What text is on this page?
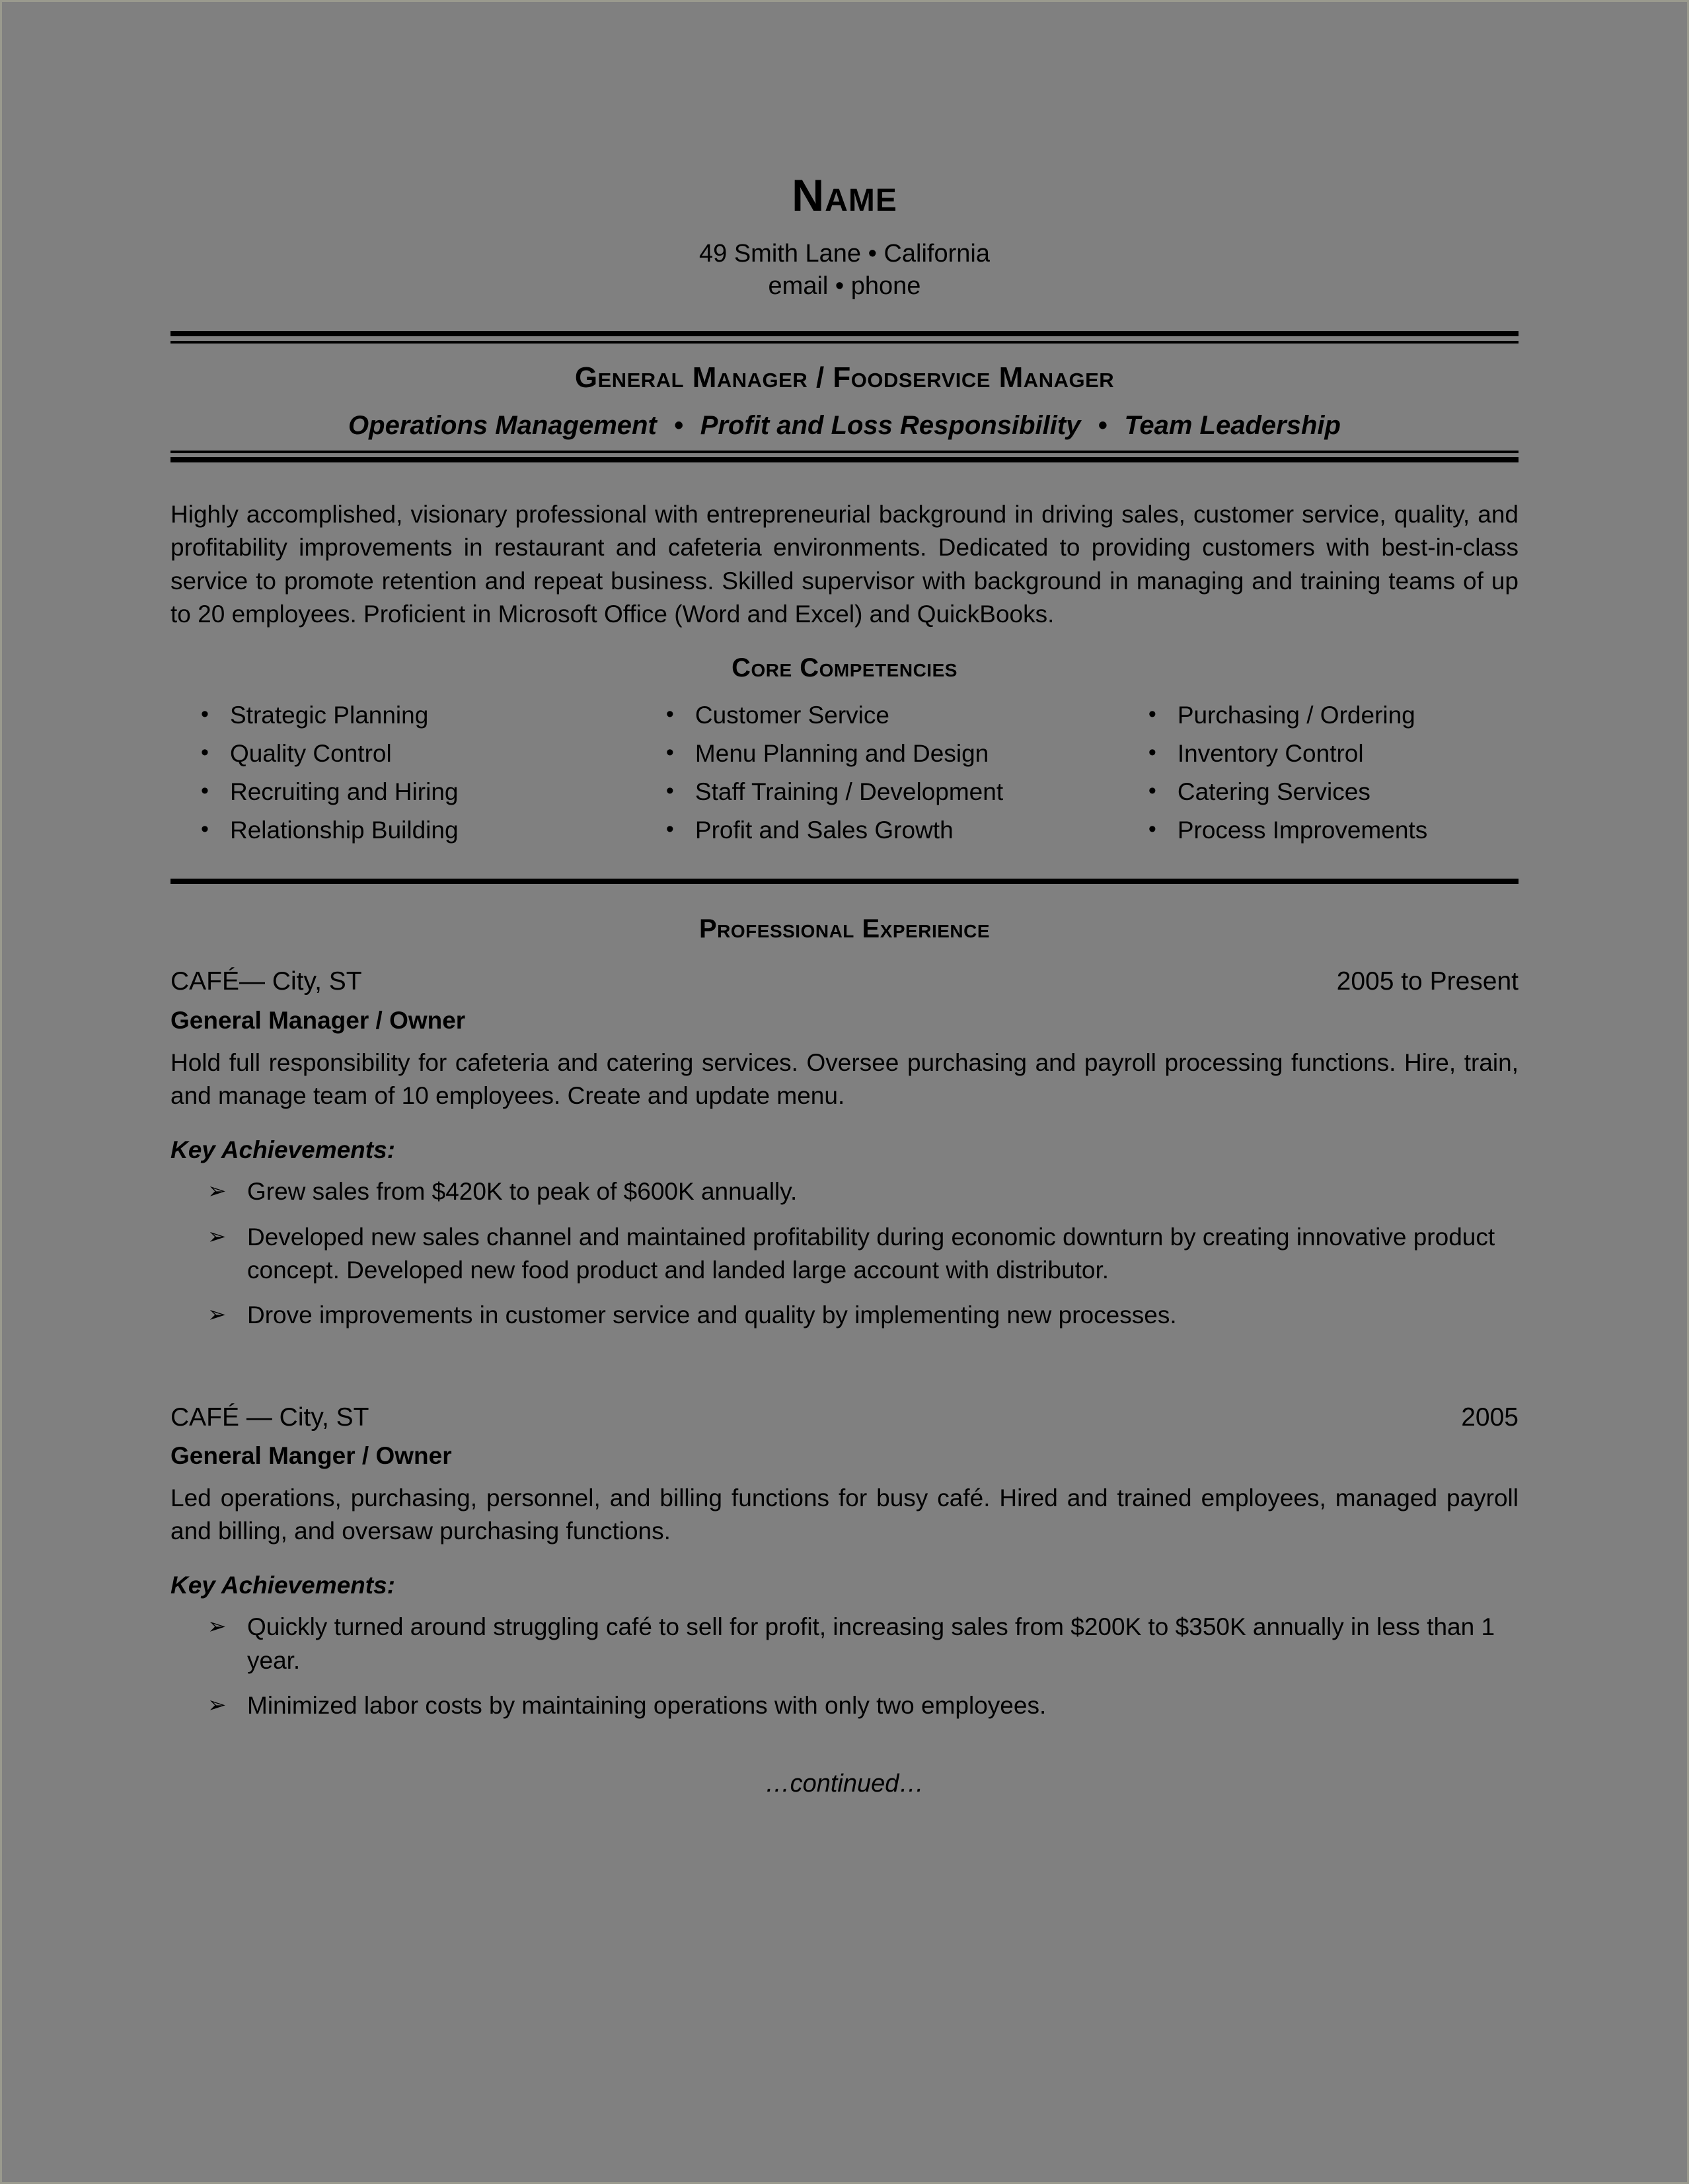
Name
49 Smith Lane • California
email • phone
General Manager / Foodservice Manager
Operations Management • Profit and Loss Responsibility • Team Leadership
Highly accomplished, visionary professional with entrepreneurial background in driving sales, customer service, quality, and profitability improvements in restaurant and cafeteria environments. Dedicated to providing customers with best-in-class service to promote retention and repeat business. Skilled supervisor with background in managing and training teams of up to 20 employees. Proficient in Microsoft Office (Word and Excel) and QuickBooks.
Core Competencies
• Strategic Planning
• Quality Control
• Recruiting and Hiring
• Relationship Building
• Customer Service
• Menu Planning and Design
• Staff Training / Development
• Profit and Sales Growth
• Purchasing / Ordering
• Inventory Control
• Catering Services
• Process Improvements
Professional Experience
CAFÉ— City, ST	2005 to Present
General Manager / Owner
Hold full responsibility for cafeteria and catering services. Oversee purchasing and payroll processing functions. Hire, train, and manage team of 10 employees. Create and update menu.
Key Achievements:
➢ Grew sales from $420K to peak of $600K annually.
➢ Developed new sales channel and maintained profitability during economic downturn by creating innovative product concept. Developed new food product and landed large account with distributor.
➢ Drove improvements in customer service and quality by implementing new processes.
CAFÉ — City, ST	2005
General Manger / Owner
Led operations, purchasing, personnel, and billing functions for busy café. Hired and trained employees, managed payroll and billing, and oversaw purchasing functions.
Key Achievements:
➢ Quickly turned around struggling café to sell for profit, increasing sales from $200K to $350K annually in less than 1 year.
➢ Minimized labor costs by maintaining operations with only two employees.
…continued…
